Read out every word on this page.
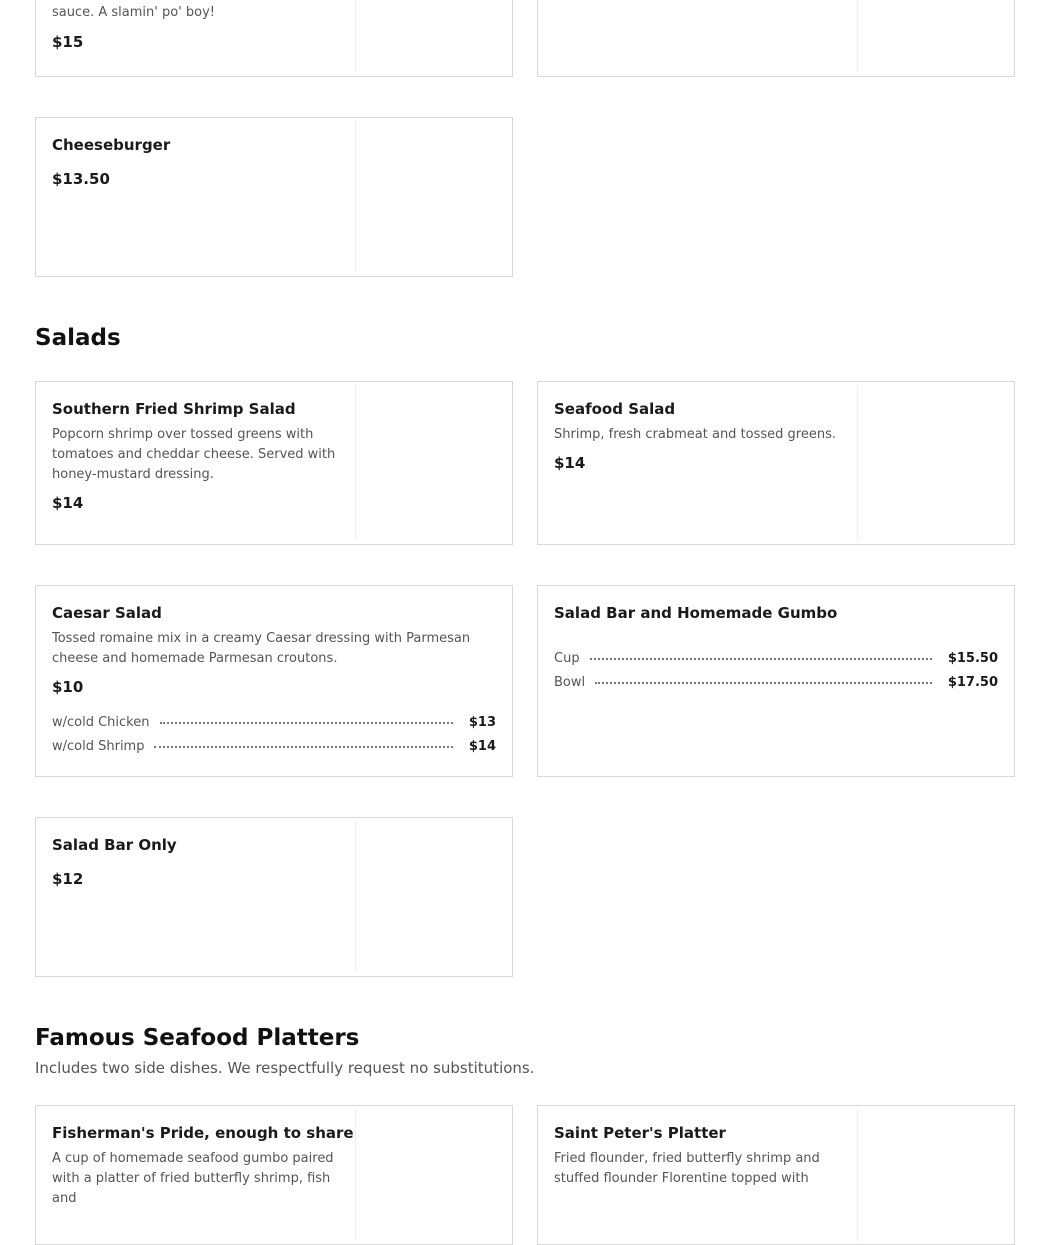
sauce. A slamin' po' boy!
$15
Cheeseburger
$13.50
Salads
Southern Fried Shrimp Salad
Popcorn shrimp over tossed greens with tomatoes and cheddar cheese. Served with honey-mustard dressing.
$14
Seafood Salad
Shrimp, fresh crabmeat and tossed greens.
$14
Caesar Salad
Tossed romaine mix in a creamy Caesar dressing with Parmesan cheese and homemade Parmesan croutons.
$10
w/cold Chicken	$13
w/cold Shrimp	$14
Salad Bar and Homemade Gumbo
Cup	$15.50
Bowl	$17.50
Salad Bar Only
$12
Famous Seafood Platters
Includes two side dishes. We respectfully request no substitutions.
Fisherman's Pride, enough to share
A cup of homemade seafood gumbo paired with a platter of fried butterfly shrimp, fish and
Saint Peter's Platter
Fried flounder, fried butterfly shrimp and stuffed flounder Florentine topped with
